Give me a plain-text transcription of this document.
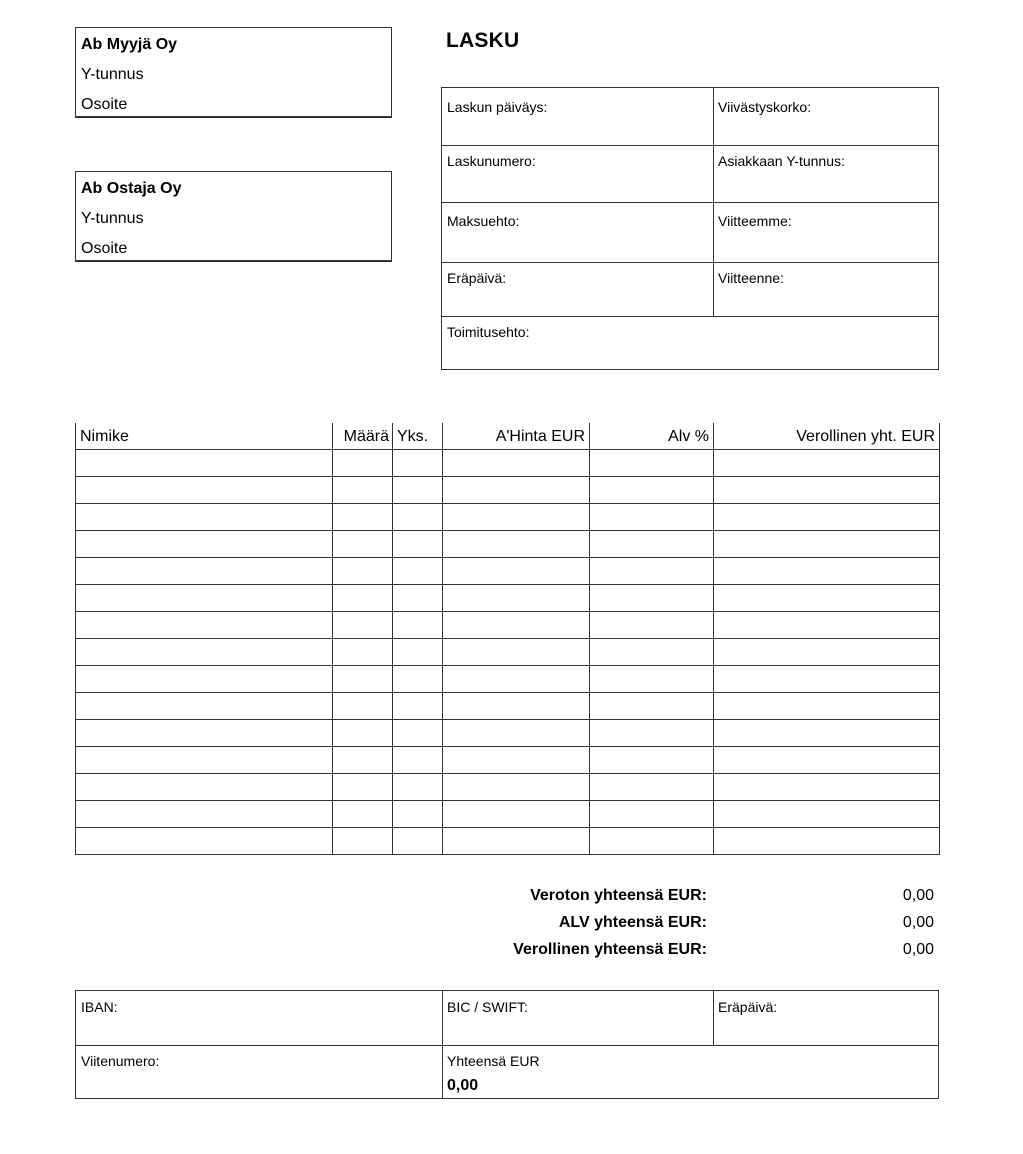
Ab Myyjä Oy
Y-tunnus
Osoite
Ab Ostaja Oy
Y-tunnus
Osoite
LASKU
Laskun päiväys:	Viivästyskorko:
Laskunumero:	Asiakkaan Y-tunnus:
Maksuehto:	Viitteemme:
Eräpäivä:	Viitteenne:
Toimitusehto:
Nimike	Määrä	Yks.	A'Hinta EUR	Alv %	Verollinen yht. EUR

Veroton yhteensä EUR:	0,00
ALV yhteensä EUR:	0,00
Verollinen yhteensä EUR:	0,00
IBAN:	BIC / SWIFT:	Eräpäivä:
Viitenumero:	Yhteensä EUR
0,00
